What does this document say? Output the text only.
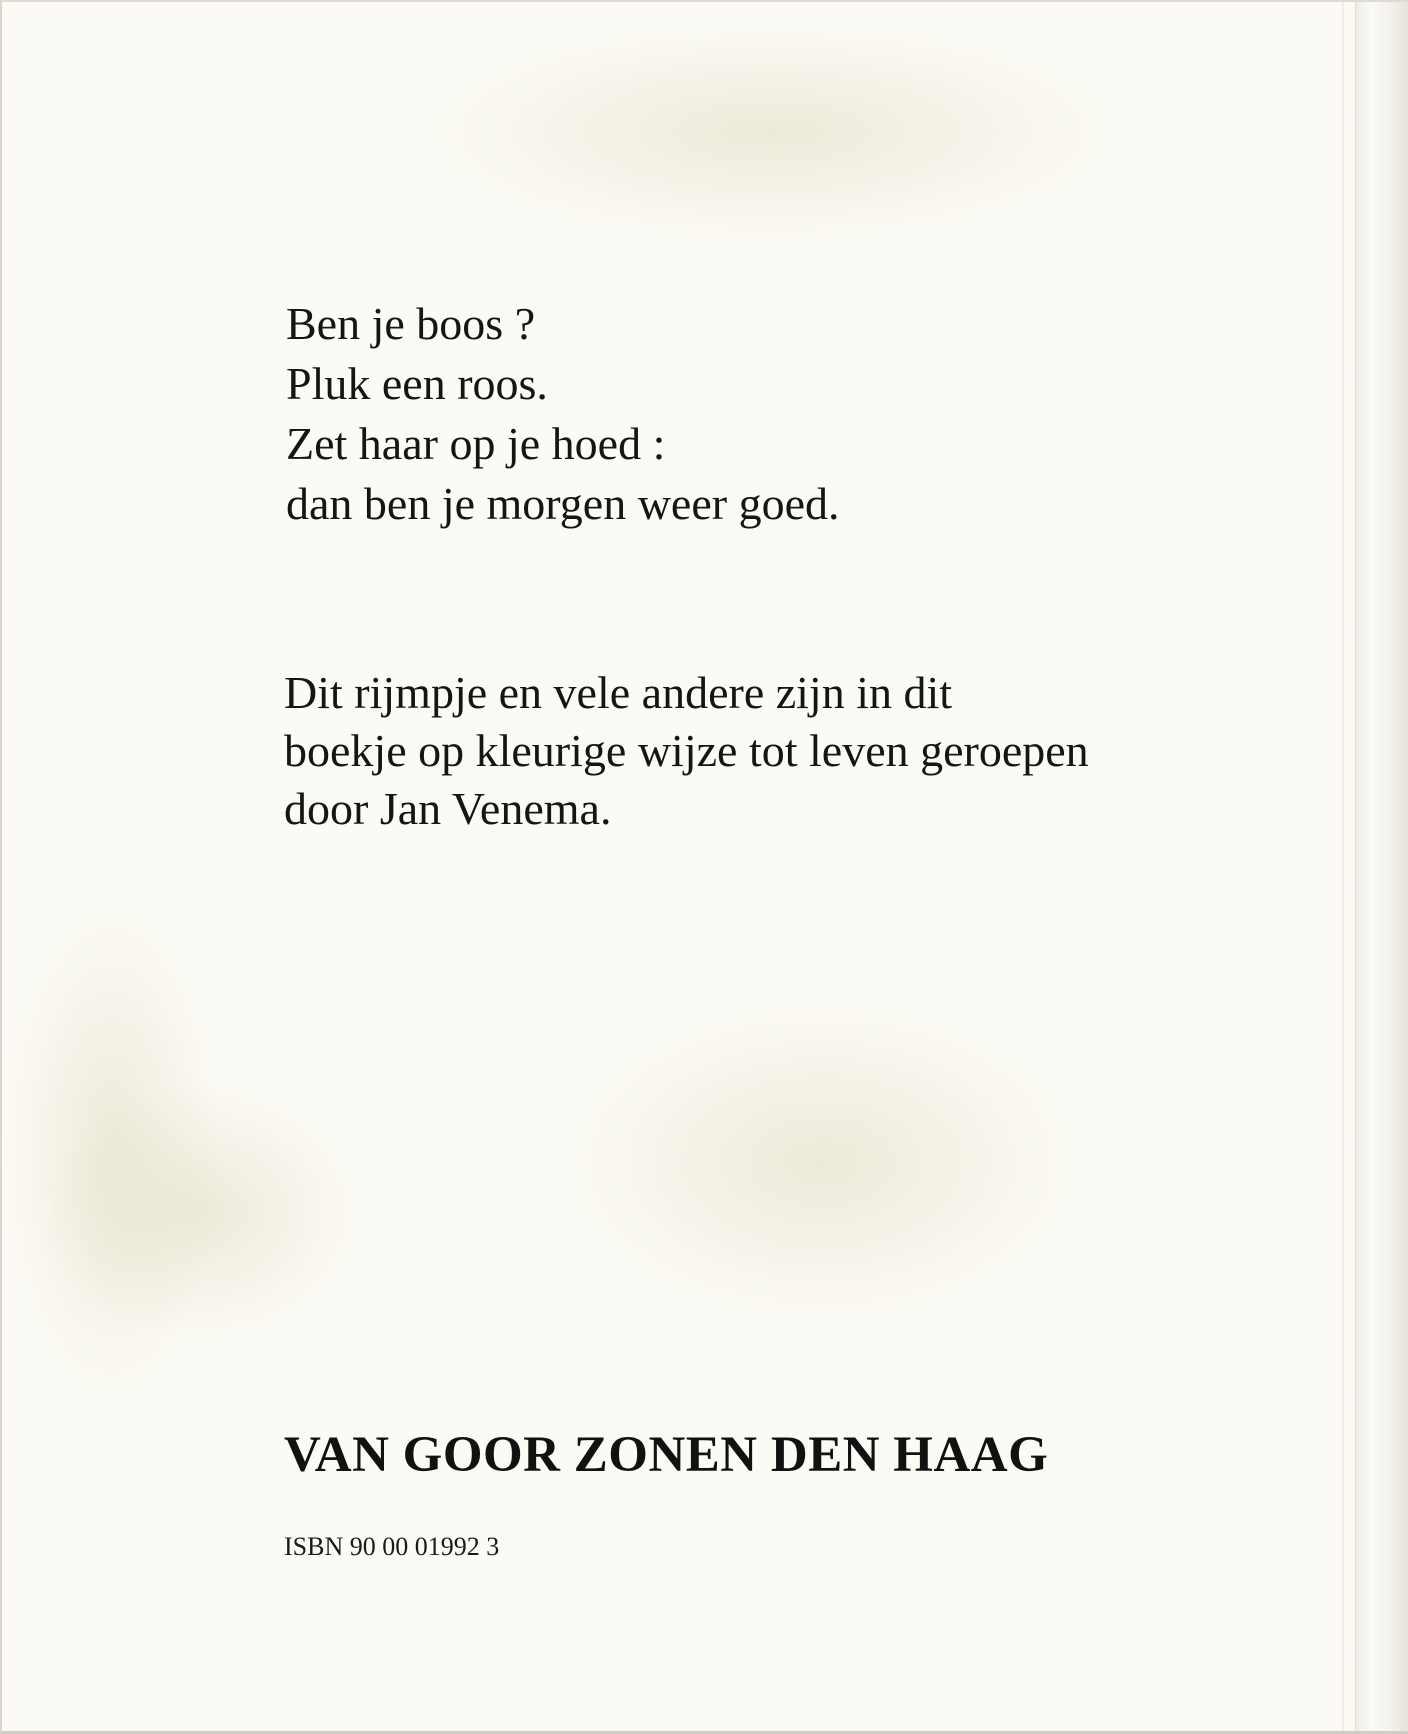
Ben je boos ?
Pluk een roos.
Zet haar op je hoed :
dan ben je morgen weer goed.
Dit rijmpje en vele andere zijn in dit
boekje op kleurige wijze tot leven geroepen
door Jan Venema.
VAN GOOR ZONEN DEN HAAG
ISBN 90 00 01992 3
